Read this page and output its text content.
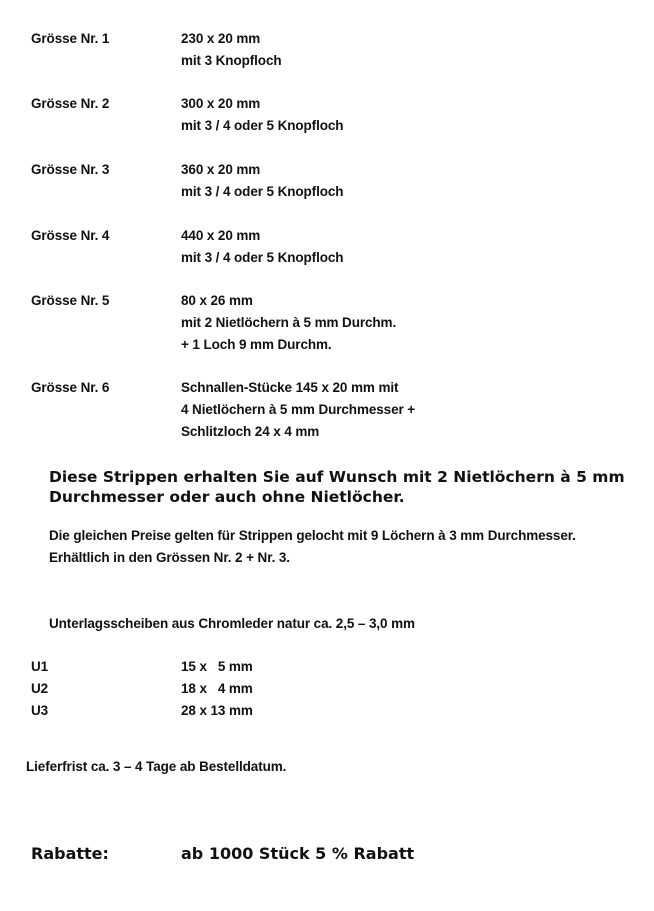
Grösse Nr. 1	230 x 20 mm
mit 3 Knopfloch
Grösse Nr. 2	300 x 20 mm
mit 3 / 4 oder 5 Knopfloch
Grösse Nr. 3	360 x 20 mm
mit 3 / 4 oder 5 Knopfloch
Grösse Nr. 4	440 x 20 mm
mit 3 / 4 oder 5 Knopfloch
Grösse Nr. 5	80 x 26 mm
mit 2 Nietlöchern à 5 mm Durchm.
+ 1 Loch 9 mm Durchm.
Grösse Nr. 6	Schnallen-Stücke 145 x 20 mm mit
4 Nietlöchern à 5 mm Durchmesser +
Schlitzloch 24 x 4 mm
Diese Strippen erhalten Sie auf Wunsch mit 2 Nietlöchern à 5 mm
Durchmesser oder auch ohne Nietlöcher.
Die gleichen Preise gelten für Strippen gelocht mit 9 Löchern à 3 mm Durchmesser.
Erhältlich in den Grössen Nr. 2 + Nr. 3.
Unterlagsscheiben aus Chromleder natur ca. 2,5 – 3,0 mm
U1	15 x   5 mm
U2	18 x   4 mm
U3	28 x 13 mm
Lieferfrist ca. 3 – 4 Tage ab Bestelldatum.
Rabatte:	ab 1000 Stück 5 % Rabatt
